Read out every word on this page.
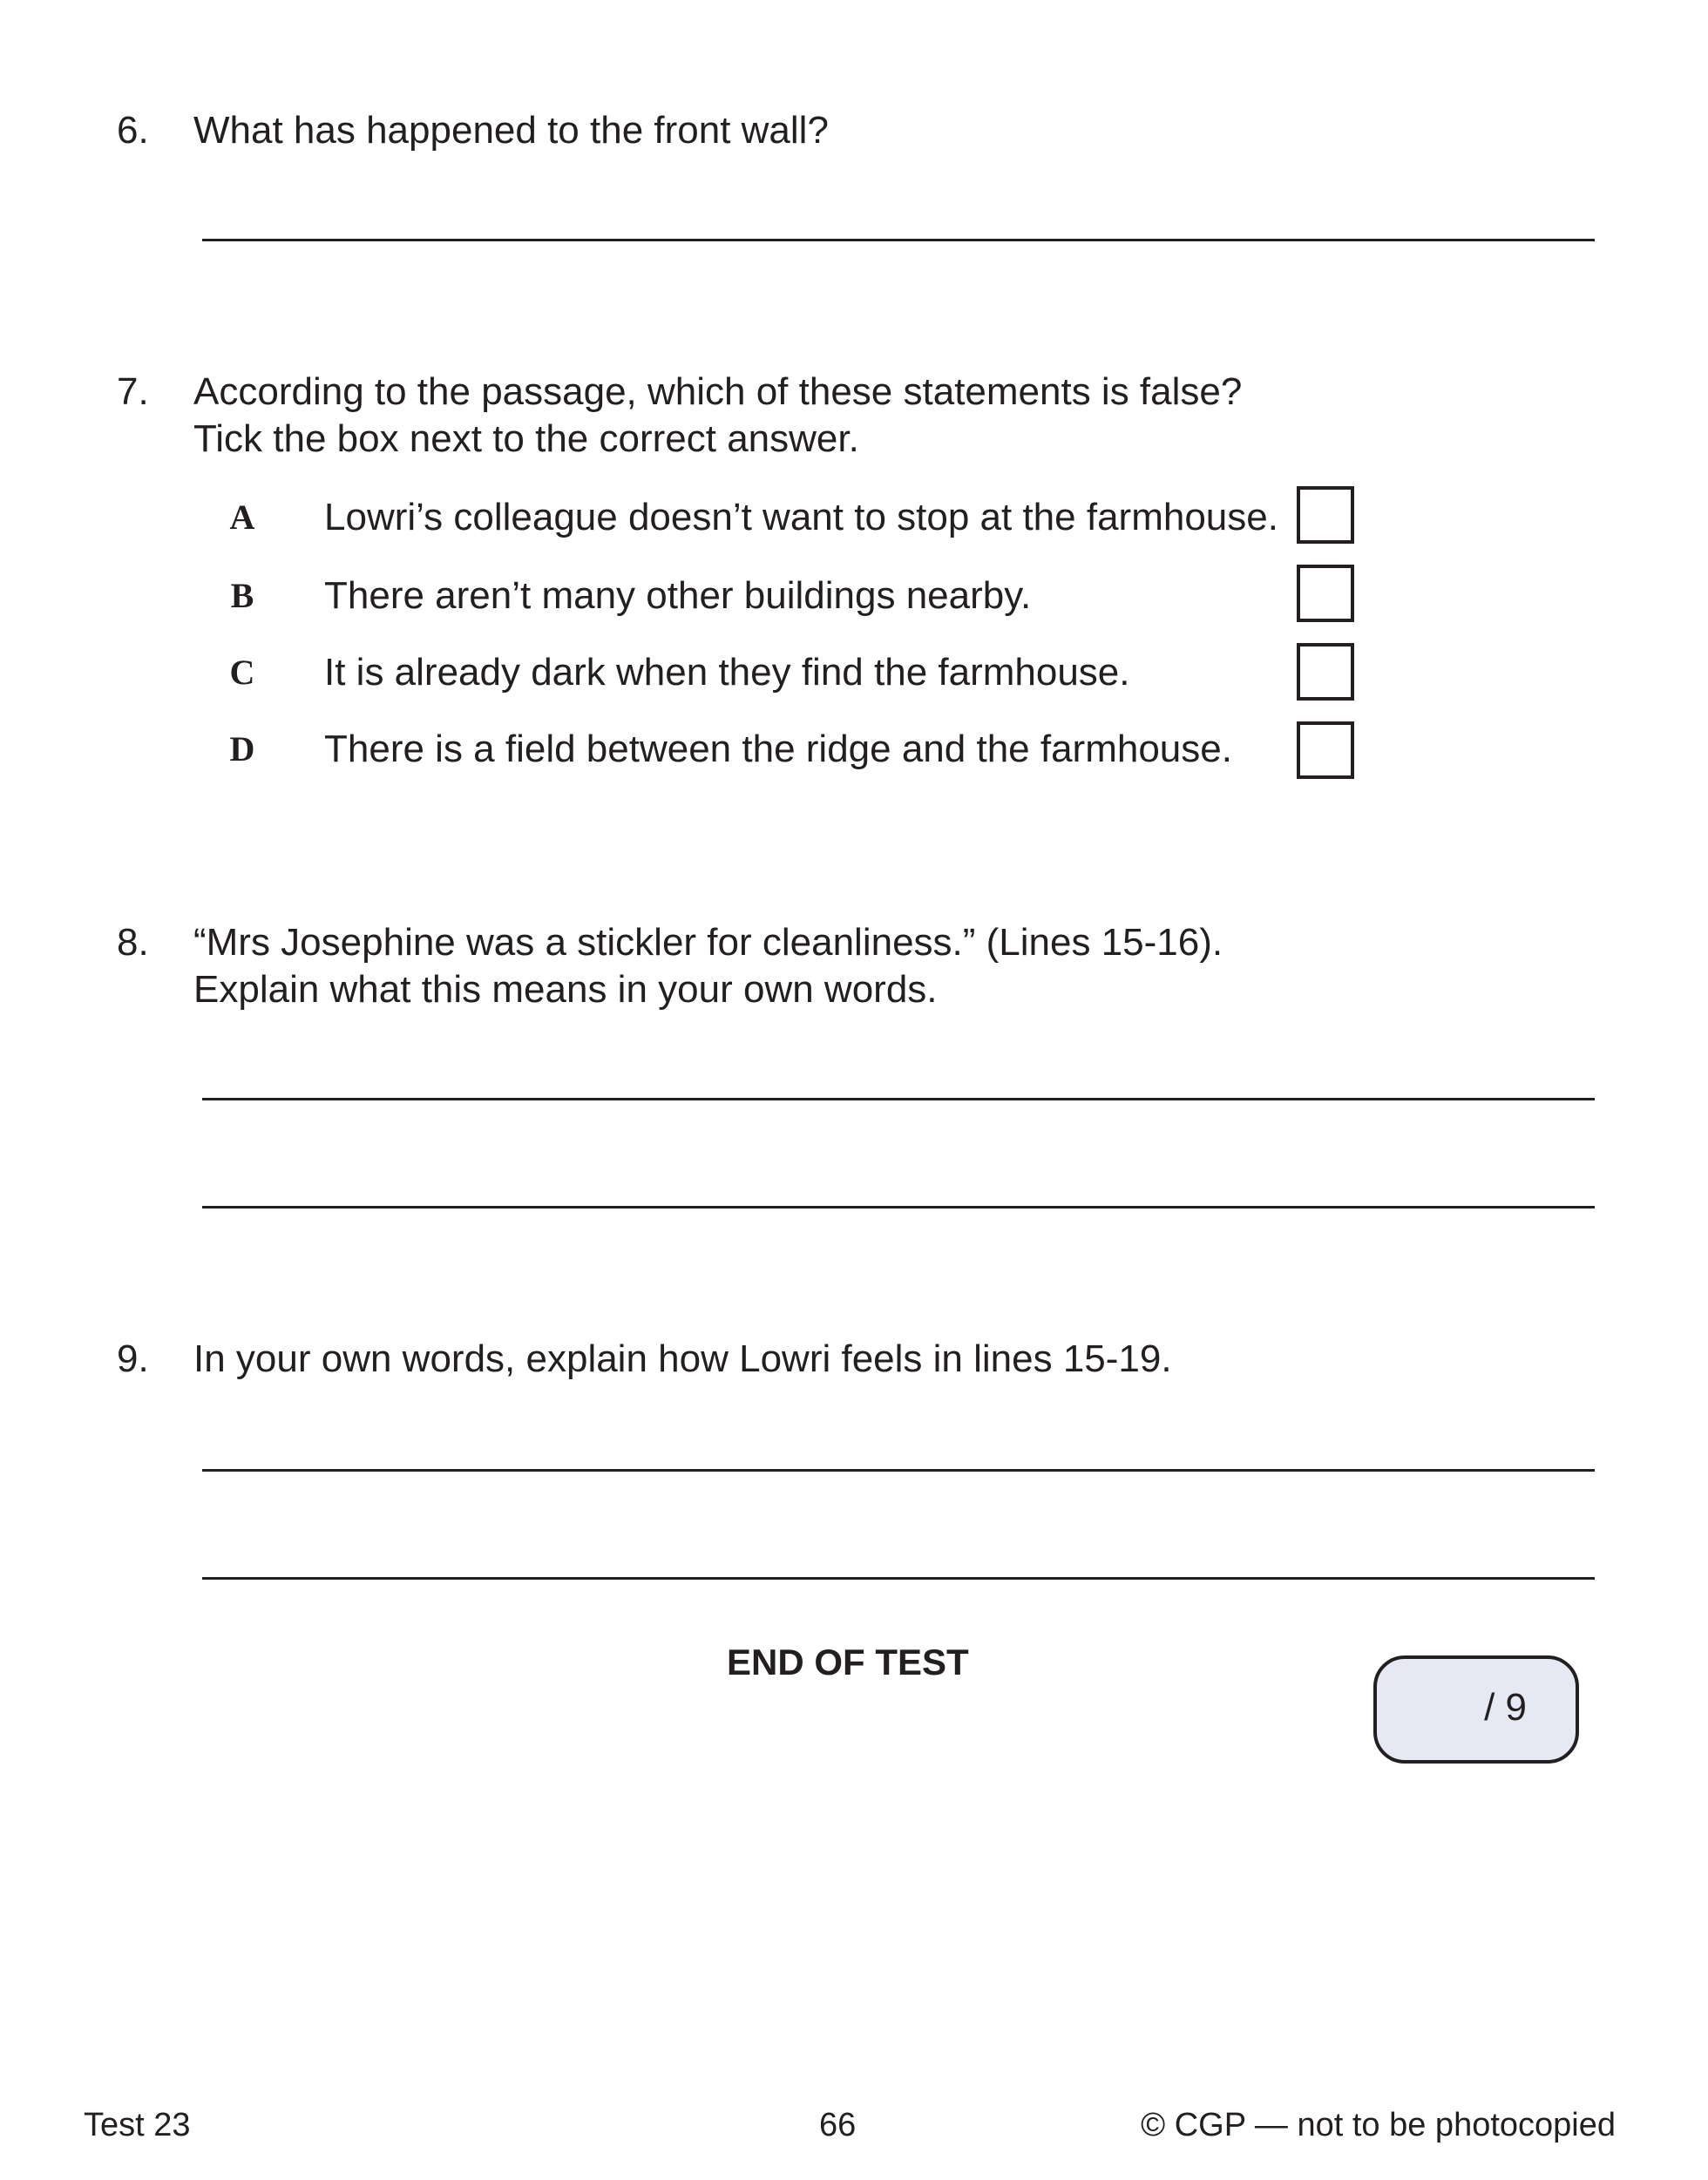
6. What has happened to the front wall?
7. According to the passage, which of these statements is false?
Tick the box next to the correct answer.
A	Lowri’s colleague doesn’t want to stop at the farmhouse.
B	There aren’t many other buildings nearby.
C	It is already dark when they find the farmhouse.
D	There is a field between the ridge and the farmhouse.
8. “Mrs Josephine was a stickler for cleanliness.” (Lines 15-16).
Explain what this means in your own words.
9. In your own words, explain how Lowri feels in lines 15-19.
END OF TEST
/ 9
Test 23	66	© CGP — not to be photocopied
